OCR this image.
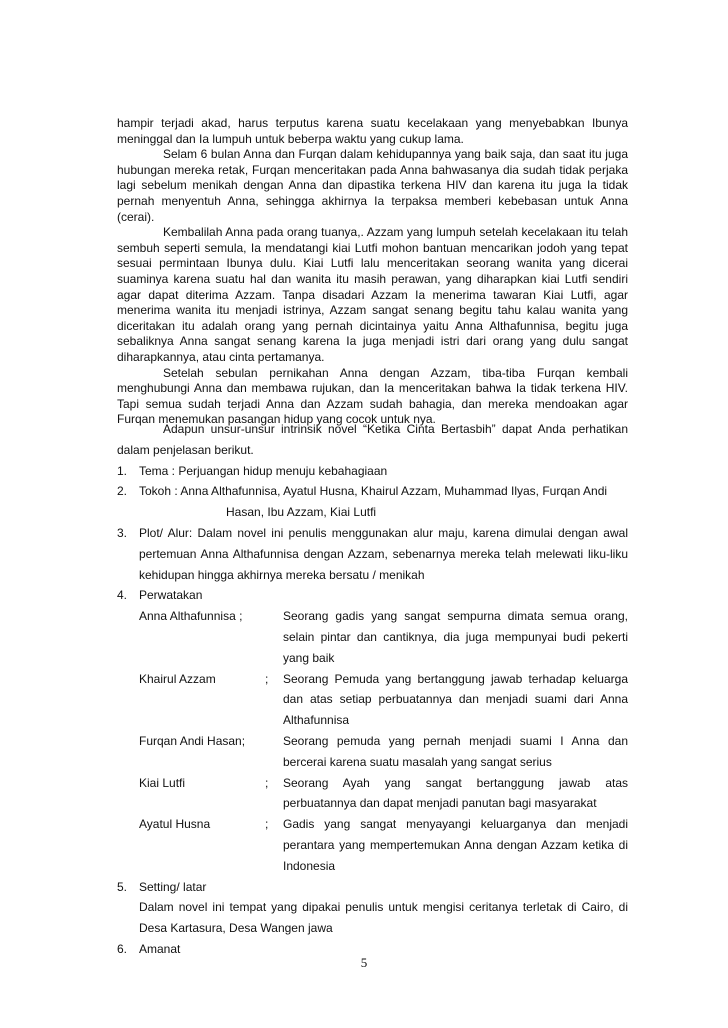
hampir terjadi akad, harus terputus karena suatu kecelakaan yang menyebabkan Ibunya meninggal dan Ia lumpuh untuk beberpa waktu yang cukup lama.

Selam 6 bulan Anna dan Furqan dalam kehidupannya yang baik saja, dan saat itu juga hubungan mereka retak, Furqan menceritakan pada Anna bahwasanya dia sudah tidak perjaka lagi sebelum menikah dengan Anna dan dipastika terkena HIV dan karena itu juga Ia tidak pernah menyentuh Anna, sehingga akhirnya Ia terpaksa memberi kebebasan untuk Anna (cerai).

Kembalilah Anna pada orang tuanya,. Azzam yang lumpuh setelah kecelakaan itu telah sembuh seperti semula, Ia mendatangi kiai Lutfi mohon bantuan mencarikan jodoh yang tepat sesuai permintaan Ibunya dulu. Kiai Lutfi lalu menceritakan seorang wanita yang dicerai suaminya karena suatu hal dan wanita itu masih perawan, yang diharapkan kiai Lutfi sendiri agar dapat diterima Azzam. Tanpa disadari Azzam Ia menerima tawaran Kiai Lutfi, agar menerima wanita itu menjadi istrinya, Azzam sangat senang begitu tahu kalau wanita yang diceritakan itu adalah orang yang pernah dicintainya yaitu Anna Althafunnisa, begitu juga sebaliknya Anna sangat senang karena Ia juga menjadi istri dari orang yang dulu sangat diharapkannya, atau cinta pertamanya.

Setelah sebulan pernikahan Anna dengan Azzam, tiba-tiba Furqan kembali menghubungi Anna dan membawa rujukan, dan Ia menceritakan bahwa Ia tidak terkena HIV. Tapi semua sudah terjadi Anna dan Azzam sudah bahagia, dan mereka mendoakan agar Furqan menemukan pasangan hidup yang cocok untuk nya.

Adapun unsur-unsur intrinsik novel “Ketika Cinta Bertasbih” dapat Anda perhatikan dalam penjelasan berikut.

1. Tema : Perjuangan hidup menuju kebahagiaan

2. Tokoh : Anna Althafunnisa, Ayatul Husna, Khairul Azzam, Muhammad Ilyas, Furqan Andi

Hasan, Ibu Azzam, Kiai Lutfi

3. Plot/ Alur: Dalam novel ini penulis menggunakan alur maju, karena dimulai dengan awal pertemuan Anna Althafunnisa dengan Azzam, sebenarnya mereka telah melewati liku-liku kehidupan hingga akhirnya mereka bersatu / menikah

4. Perwatakan

Anna Althafunnisa ;	Seorang gadis yang sangat sempurna dimata semua orang, selain pintar dan cantiknya, dia juga mempunyai budi pekerti yang baik
Khairul Azzam	;	Seorang Pemuda yang bertanggung jawab terhadap keluarga dan atas setiap perbuatannya dan menjadi suami dari Anna Althafunnisa
Furqan Andi Hasan;	Seorang pemuda yang pernah menjadi suami I Anna dan bercerai karena suatu masalah yang sangat serius
Kiai Lutfi	;	Seorang Ayah yang sangat bertanggung jawab atas perbuatannya dan dapat menjadi panutan bagi masyarakat
Ayatul Husna	;	Gadis yang sangat menyayangi keluarganya dan menjadi perantara yang mempertemukan Anna dengan Azzam ketika di Indonesia
5. Setting/ latar

Dalam novel ini tempat yang dipakai penulis untuk mengisi ceritanya terletak di Cairo, di Desa Kartasura, Desa Wangen jawa

6. Amanat

5
